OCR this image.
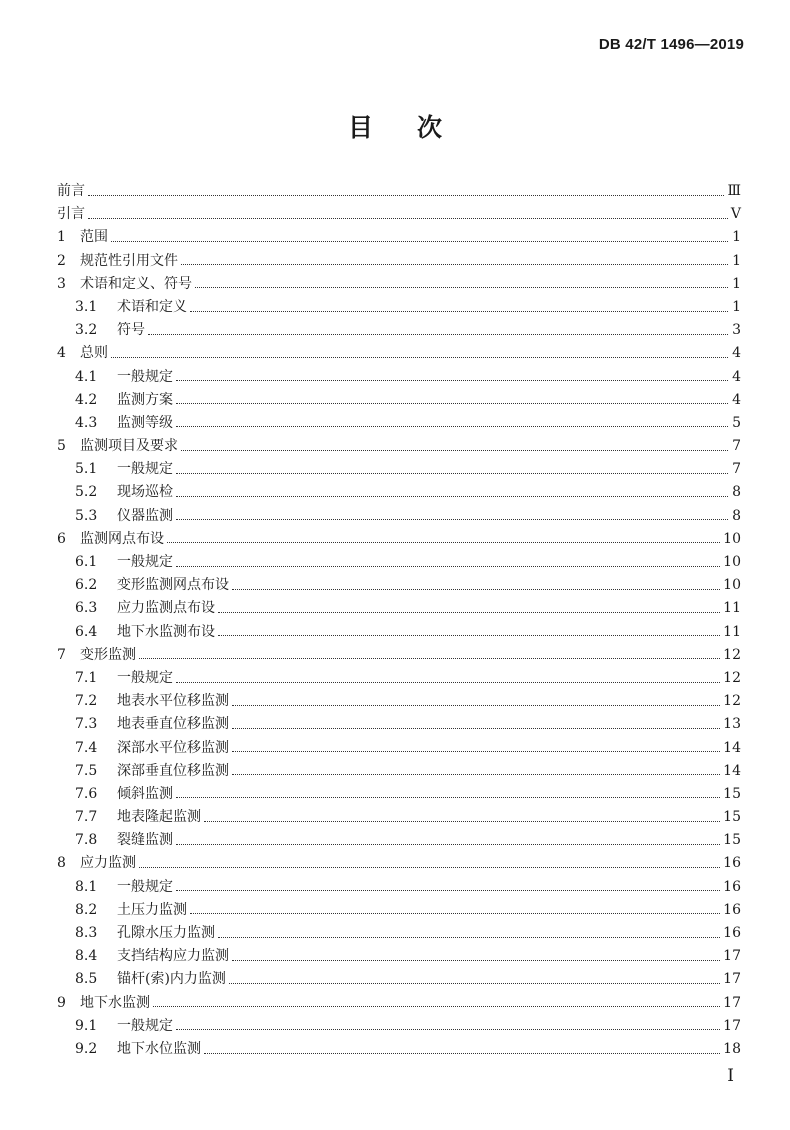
DB 42/T 1496—2019
目次
前言	Ⅲ
引言	Ⅴ
1	范围	1
2	规范性引用文件	1
3	术语和定义、符号	1
3.1	术语和定义	1
3.2	符号	3
4	总则	4
4.1	一般规定	4
4.2	监测方案	4
4.3	监测等级	5
5	监测项目及要求	7
5.1	一般规定	7
5.2	现场巡检	8
5.3	仪器监测	8
6	监测网点布设	10
6.1	一般规定	10
6.2	变形监测网点布设	10
6.3	应力监测点布设	11
6.4	地下水监测布设	11
7	变形监测	12
7.1	一般规定	12
7.2	地表水平位移监测	12
7.3	地表垂直位移监测	13
7.4	深部水平位移监测	14
7.5	深部垂直位移监测	14
7.6	倾斜监测	15
7.7	地表隆起监测	15
7.8	裂缝监测	15
8	应力监测	16
8.1	一般规定	16
8.2	土压力监测	16
8.3	孔隙水压力监测	16
8.4	支挡结构应力监测	17
8.5	锚杆(索)内力监测	17
9	地下水监测	17
9.1	一般规定	17
9.2	地下水位监测	18
I
